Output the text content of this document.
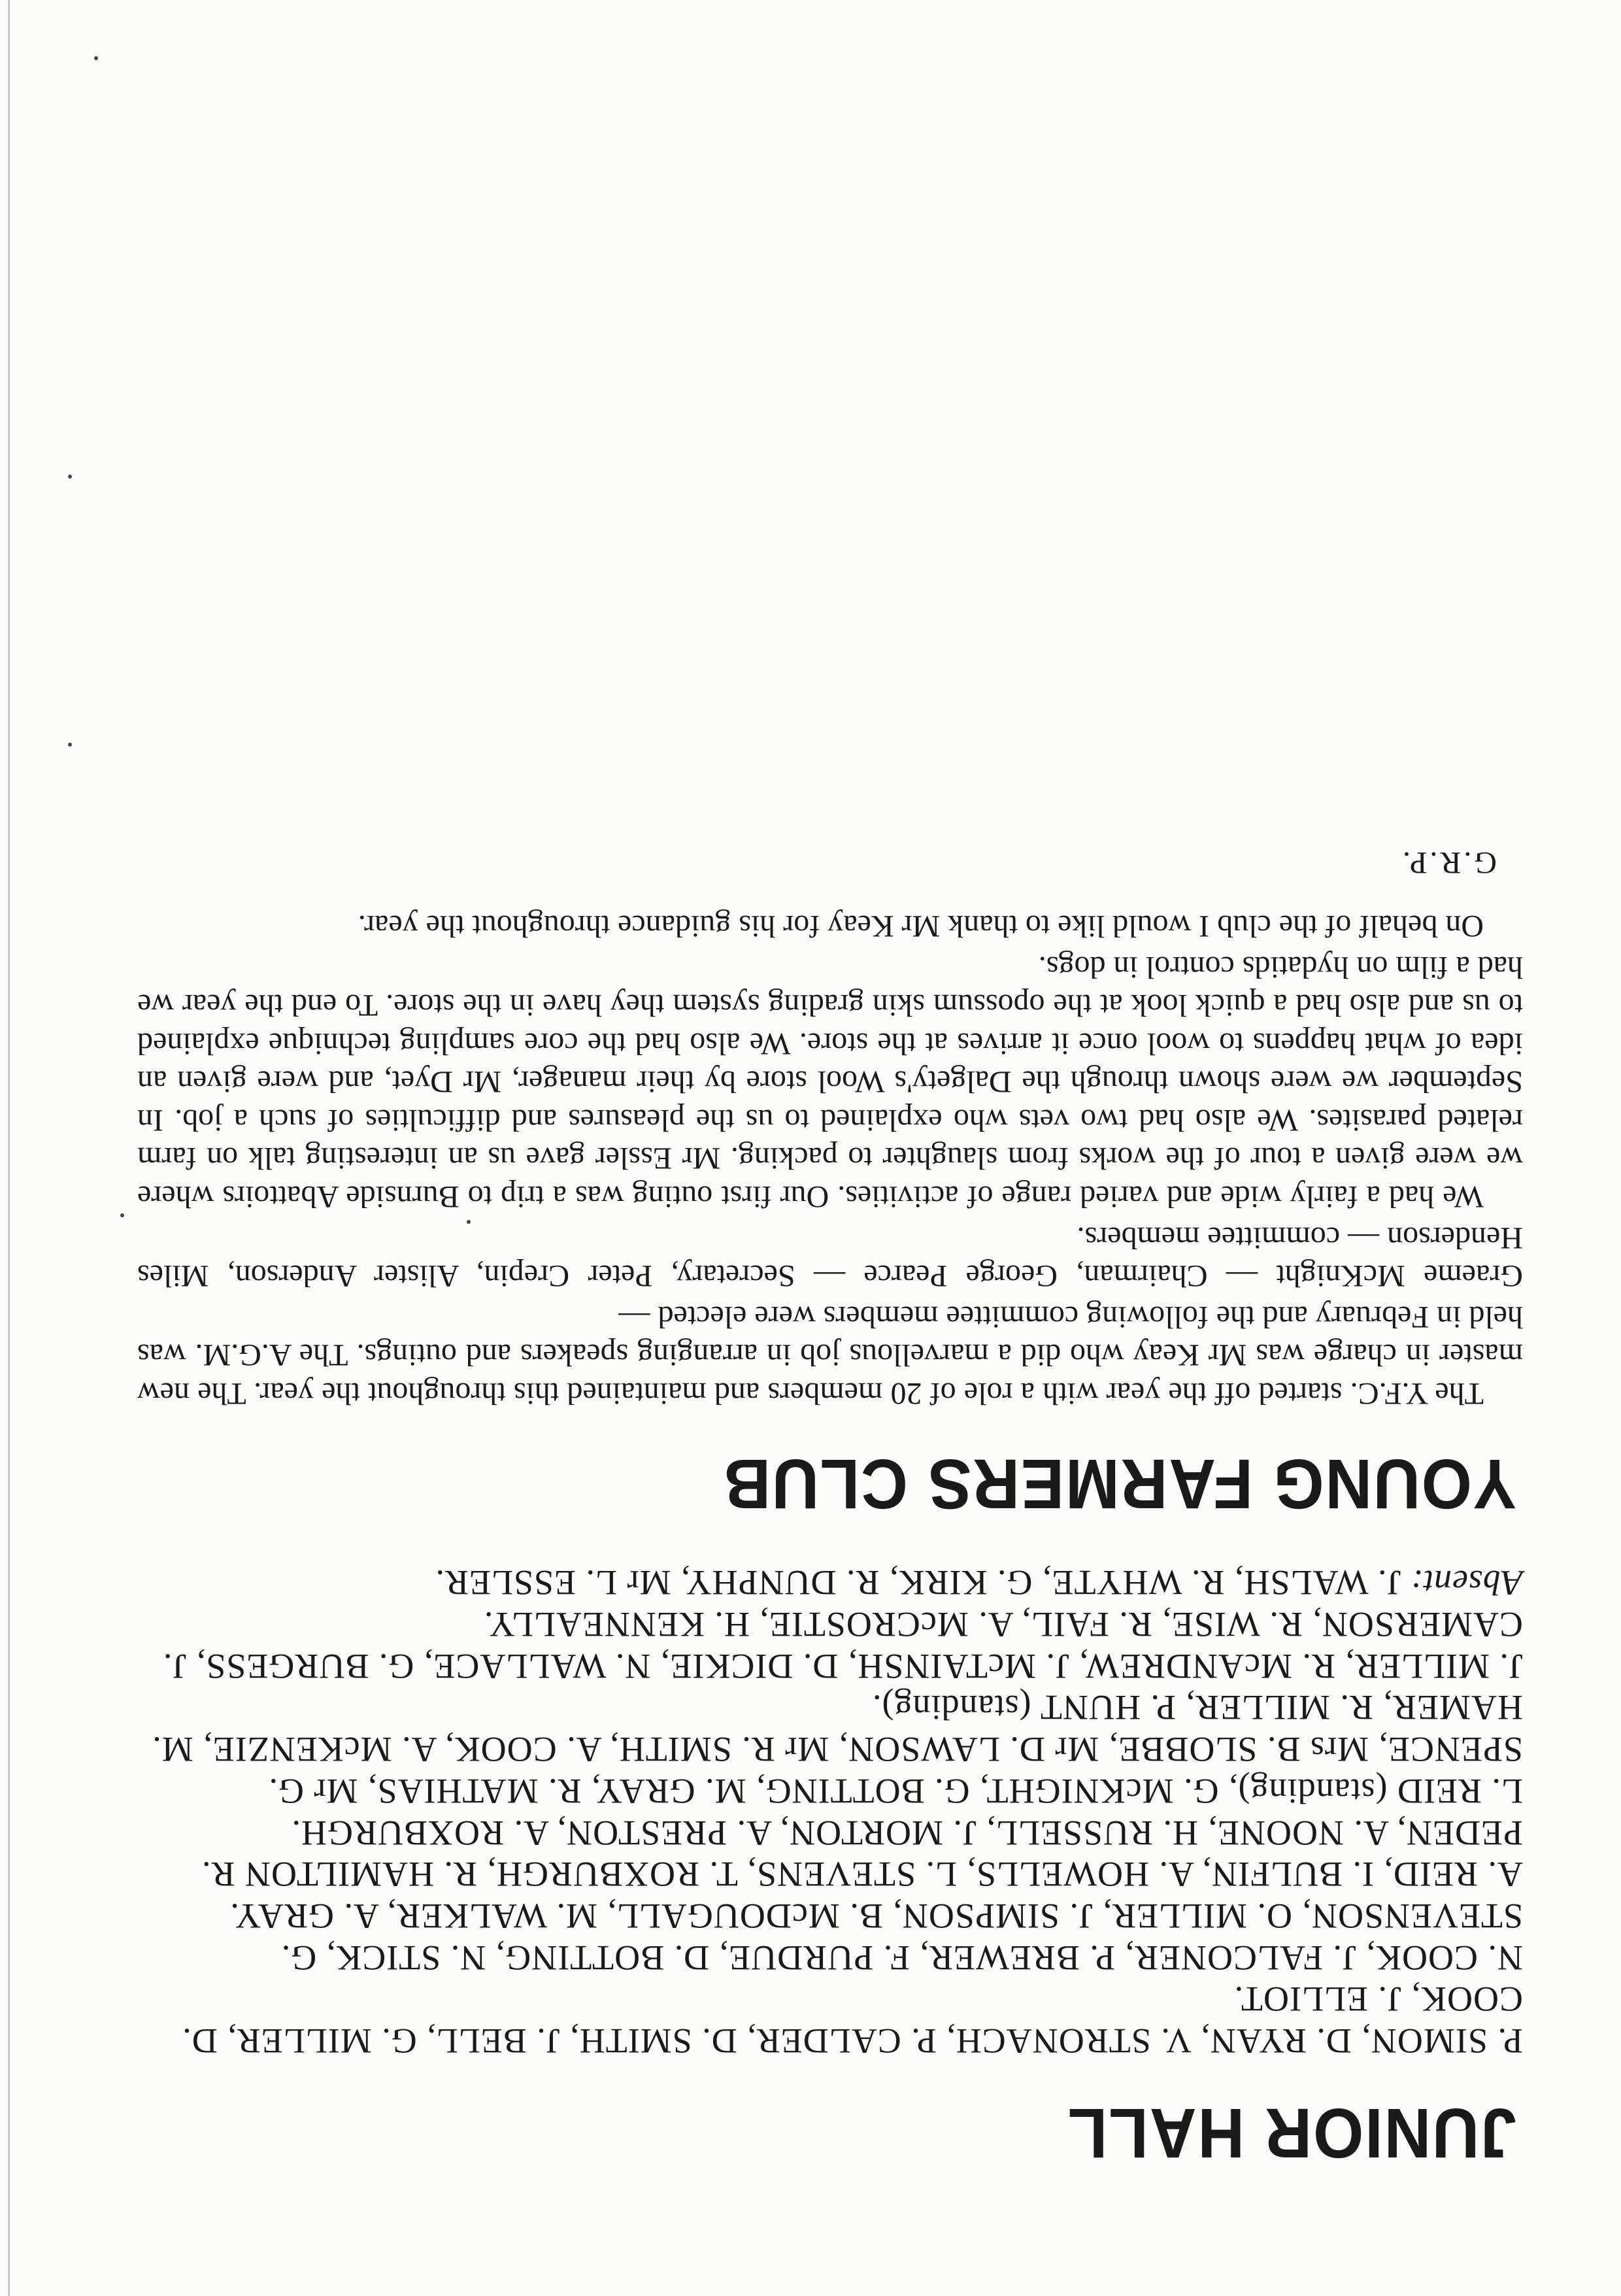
JUNIOR HALL
P. SIMON, D. RYAN, V. STRONACH, P. CALDER, D. SMITH, J. BELL, G. MILLER, D. COOK, J. ELLIOT.
N. COOK, J. FALCONER, P. BREWER, F. PURDUE, D. BOTTING, N. STICK, G. STEVENSON, O. MILLER, J. SIMPSON, B. McDOUGALL, M. WALKER, A. GRAY.
A. REID, I. BULFIN, A. HOWELLS, L. STEVENS, T. ROXBURGH, R. HAMILTON R. PEDEN, A. NOONE, H. RUSSELL, J. MORTON, A. PRESTON, A. ROXBURGH.
L. REID (standing), G. McKNIGHT, G. BOTTING, M. GRAY, R. MATHIAS, Mr G. SPENCE, Mrs B. SLOBBE, Mr D. LAWSON, Mr R. SMITH, A. COOK, A. McKENZIE, M. HAMER, R. MILLER, P. HUNT (standing).
J. MILLER, R. McANDREW, J. McTAINSH, D. DICKIE, N. WALLACE, G. BURGESS, J. CAMERSON, R. WISE, R. FAIL, A. McCROSTIE, H. KENNEALLY.
Absent: J. WALSH, R. WHYTE, G. KIRK, R. DUNPHY, Mr L. ESSLER.
YOUNG FARMERS CLUB

The Y.F.C. started off the year with a role of 20 members and maintained this throughout the year. The new master in charge was Mr Keay who did a marvellous job in arranging speakers and outings. The A.G.M. was held in February and the following committee members were elected —

Graeme McKnight — Chairman, George Pearce — Secretary, Peter Crepin, Alister Anderson, Miles Henderson — committee members.

We had a fairly wide and varied range of activities. Our first outing was a trip to Burnside Abattoirs where we were given a tour of the works from slaughter to packing. Mr Essler gave us an interesting talk on farm related parasites. We also had two vets who explained to us the pleasures and difficulties of such a job. In September we were shown through the Dalgety's Wool store by their manager, Mr Dyet, and were given an idea of what happens to wool once it arrives at the store. We also had the core sampling technique explained to us and also had a quick look at the opossum skin grading system they have in the store. To end the year we had a film on hydatids control in dogs.

On behalf of the club I would like to thank Mr Keay for his guidance throughout the year.

G.R.P.
